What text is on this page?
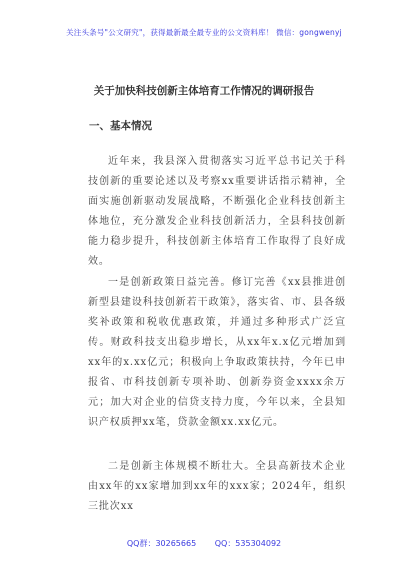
关注头条号"公文研究"，获得最新最全最专业的公文资料库！ 微信：gongwenyj
关于加快科技创新主体培育工作情况的调研报告
一、基本情况

近年来，我县深入贯彻落实习近平总书记关于科技创新的重要论述以及考察xx重要讲话指示精神，全面实施创新驱动发展战略，不断强化企业科技创新主体地位，充分激发企业科技创新活力，全县科技创新能力稳步提升，科技创新主体培育工作取得了良好成效。

一是创新政策日益完善。修订完善《xx县推进创新型县建设科技创新若干政策》，落实省、市、县各级奖补政策和税收优惠政策，并通过多种形式广泛宣传。财政科技支出稳步增长，从xx年x.x亿元增加到xx年的x.xx亿元；积极向上争取政策扶持，今年已申报省、市科技创新专项补助、创新券资金xxxx余万元；加大对企业的信贷支持力度，今年以来，全县知识产权质押xx笔，贷款金额xx.xx亿元。

二是创新主体规模不断壮大。全县高新技术企业由xx年的xx家增加到xx年的xxx家；2024年，组织三批次xx

QQ群：30265665 QQ：535304092
